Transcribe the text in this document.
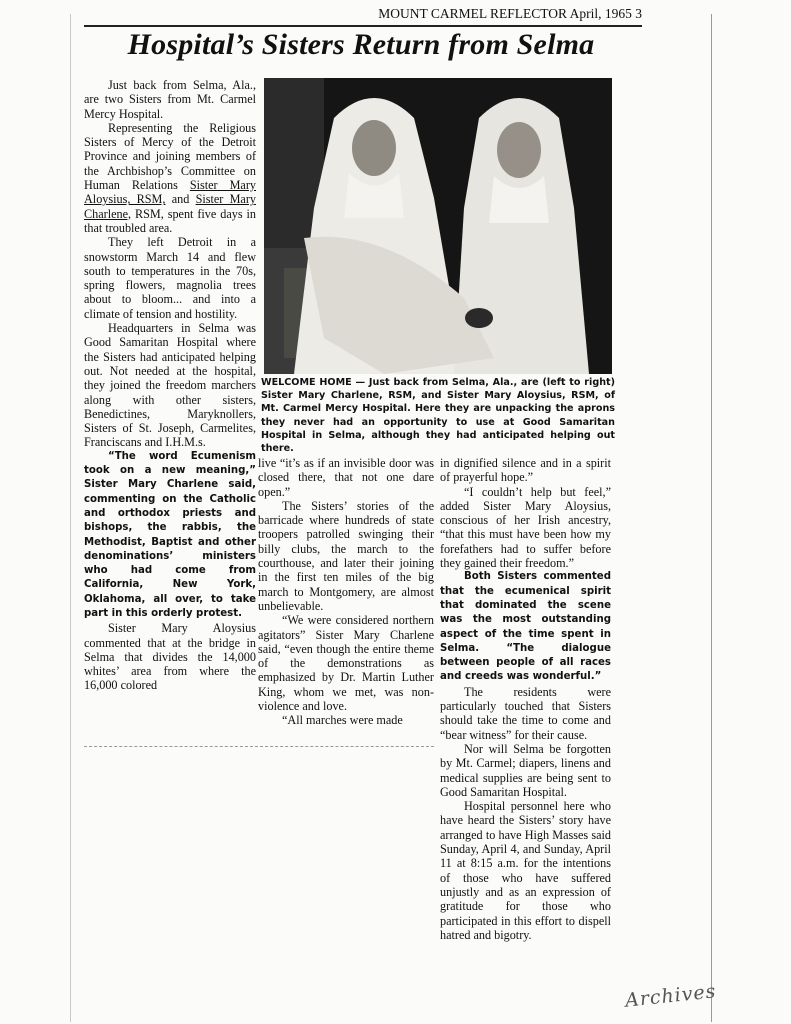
MOUNT CARMEL REFLECTOR April, 1965 3
Hospital’s Sisters Return from Selma

Just back from Selma, Ala., are two Sisters from Mt. Carmel Mercy Hospital.

Representing the Religious Sisters of Mercy of the Detroit Province and joining members of the Archbishop’s Committee on Human Relations Sister Mary Aloysius, RSM, and Sister Mary Charlene, RSM, spent five days in that troubled area.

They left Detroit in a snowstorm March 14 and flew south to temperatures in the 70s, spring flowers, magnolia trees about to bloom... and into a climate of tension and hostility.

Headquarters in Selma was Good Samaritan Hospital where the Sisters had anticipated helping out. Not needed at the hospital, they joined the freedom marchers along with other sisters, Benedictines, Maryknollers, Sisters of St. Joseph, Carmelites, Franciscans and I.H.M.s.

“The word Ecumenism took on a new meaning,” Sister Mary Charlene said, commenting on the Catholic and orthodox priests and bishops, the rabbis, the Methodist, Baptist and other denominations’ ministers who had come from California, New York, Oklahoma, all over, to take part in this orderly protest.

Sister Mary Aloysius commented that at the bridge in Selma that divides the 14,000 whites’ area from where the 16,000 colored

WELCOME HOME — Just back from Selma, Ala., are (left to right) Sister Mary Charlene, RSM, and Sister Mary Aloysius, RSM, of Mt. Carmel Mercy Hospital. Here they are unpacking the aprons they never had an opportunity to use at Good Samaritan Hospital in Selma, although they had anticipated helping out there.

live “it’s as if an invisible door was closed there, that not one dare open.”

The Sisters’ stories of the barricade where hundreds of state troopers patrolled swinging their billy clubs, the march to the courthouse, and later their joining in the first ten miles of the big march to Montgomery, are almost unbelievable.

“We were considered northern agitators” Sister Mary Charlene said, “even though the entire theme of the demonstrations as emphasized by Dr. Martin Luther King, whom we met, was non-violence and love.

“All marches were made

in dignified silence and in a spirit of prayerful hope.”

“I couldn’t help but feel,” added Sister Mary Aloysius, conscious of her Irish ancestry, “that this must have been how my forefathers had to suffer before they gained their freedom.”

Both Sisters commented that the ecumenical spirit that dominated the scene was the most outstanding aspect of the time spent in Selma. “The dialogue between people of all races and creeds was wonderful.”

The residents were particularly touched that Sisters should take the time to come and “bear witness” for their cause.

Nor will Selma be forgotten by Mt. Carmel; diapers, linens and medical supplies are being sent to Good Samaritan Hospital.

Hospital personnel here who have heard the Sisters’ story have arranged to have High Masses said Sunday, April 4, and Sunday, April 11 at 8:15 a.m. for the intentions of those who have suffered unjustly and as an expression of gratitude for those who participated in this effort to dispell hatred and bigotry.

Archives
